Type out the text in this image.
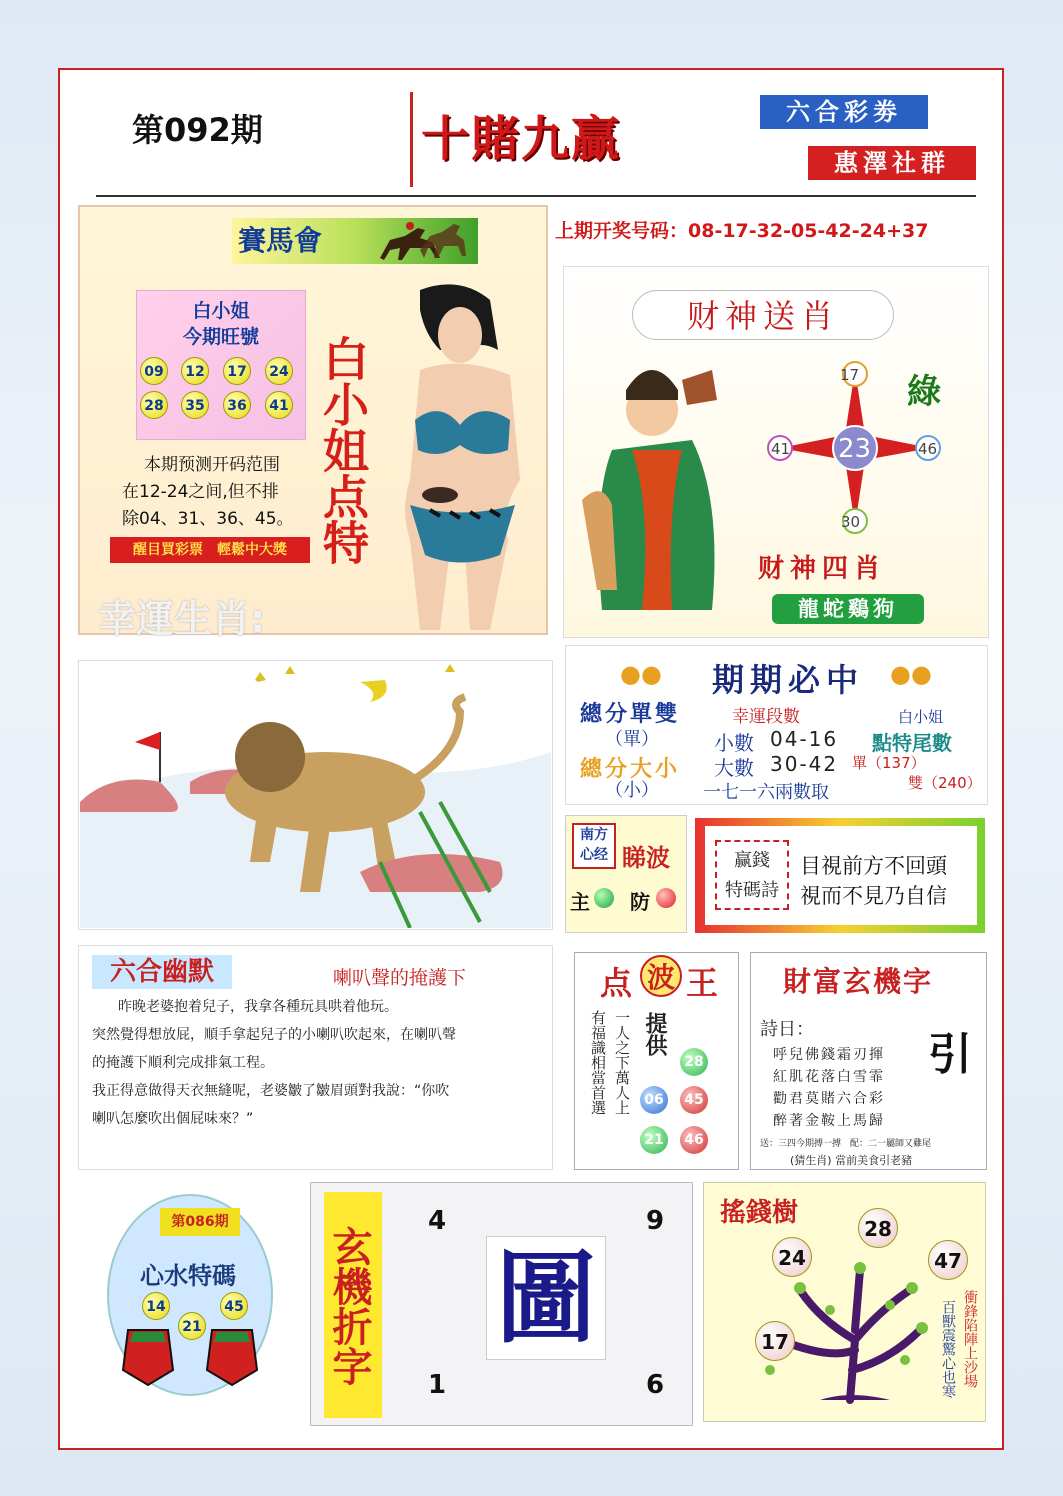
第092期	十賭九贏	六合彩劵
惠澤社群
上期开奖号码：08-17-32-05-42-24+37
賽馬會
白小姐
今期旺號
09	12	17	24
28	35	36	41
本期预测开码范围
在12-24之间,但不排
除04、31、36、45。
醒目買彩票　輕鬆中大獎
幸運生肖:
白小姐点特
财神送肖
17
41	46
30
23
綠
财神四肖
龍蛇鷄狗
●●	●●
期期必中
總分單雙
（單）
總分大小
（小）
幸運段數
小數 04-16
大數 30-42
一七一六兩數取
白小姐
點特尾數
單（137）
雙（240）
南方
心经 睇波
主 防
赢錢
特碼詩
目視前方不回頭
視而不見乃自信
六合幽默	喇叭聲的掩護下
昨晚老婆抱着兒子，我拿各種玩具哄着他玩。
突然覺得想放屁，順手拿起兒子的小喇叭吹起來，在喇叭聲
的掩護下順利完成排氣工程。
我正得意做得天衣無縫呢，老婆皺了皺眉頭對我說：“你吹
喇叭怎麼吹出個屁味來？”
点 波 王
有福識相當首選 一人之下萬人上 提供
28
06	45
21	46
財富玄機字
詩日：
呼兒佛錢霜刃揮
紅肌花落白雪霏
勸君莫賭六合彩
醉著金鞍上馬歸
引
送：三四今期搏一搏　配：二一屬師又雞尾
(猜生肖) 當前美食引老豬
第086期
心水特碼
14
21
45 玄機折字
4	9
1	6
圖
搖錢樹
28
24	47
17	衝鋒陷陣上沙場
百獸震驚心也寒
